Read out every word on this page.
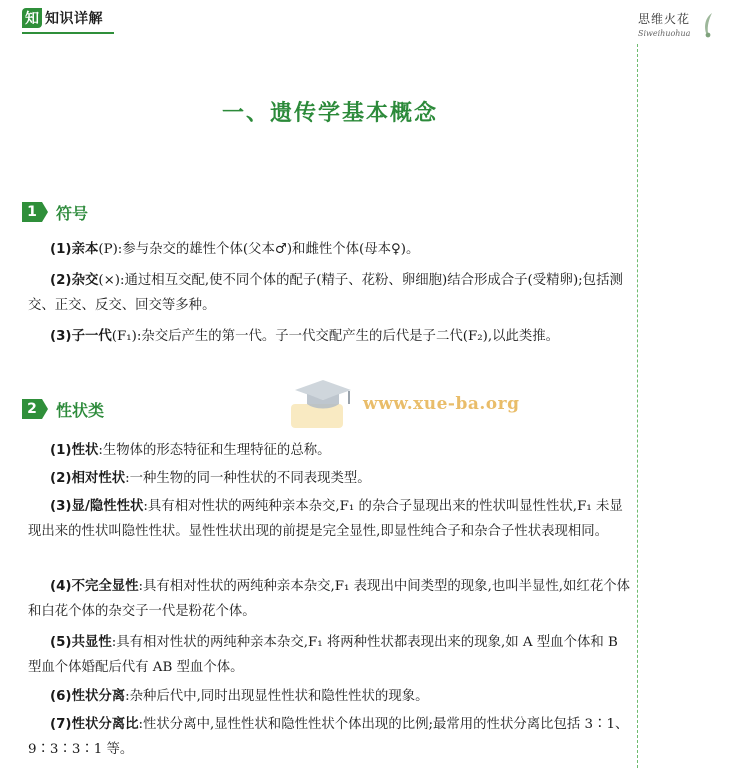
知 知识详解	思维火花
Siweihuohua
一、遗传学基本概念
1 符号
(1)亲本(P):参与杂交的雄性个体(父本♂)和雌性个体(母本♀)。
(2)杂交(×):通过相互交配,使不同个体的配子(精子、花粉、卵细胞)结合形成合子(受精卵);包括测交、正交、反交、回交等多种。
(3)子一代(F₁):杂交后产生的第一代。子一代交配产生的后代是子二代(F₂),以此类推。
2 性状类	www.xue-ba.org
(1)性状:生物体的形态特征和生理特征的总称。
(2)相对性状:一种生物的同一种性状的不同表现类型。
(3)显/隐性性状:具有相对性状的两纯种亲本杂交,F₁ 的杂合子显现出来的性状叫显性性状,F₁ 未显现出来的性状叫隐性性状。显性性状出现的前提是完全显性,即显性纯合子和杂合子性状表现相同。
(4)不完全显性:具有相对性状的两纯种亲本杂交,F₁ 表现出中间类型的现象,也叫半显性,如红花个体和白花个体的杂交子一代是粉花个体。
(5)共显性:具有相对性状的两纯种亲本杂交,F₁ 将两种性状都表现出来的现象,如 A 型血个体和 B 型血个体婚配后代有 AB 型血个体。
(6)性状分离:杂种后代中,同时出现显性性状和隐性性状的现象。
(7)性状分离比:性状分离中,显性性状和隐性性状个体出现的比例;最常用的性状分离比包括 3∶1、9∶3∶3∶1 等。
